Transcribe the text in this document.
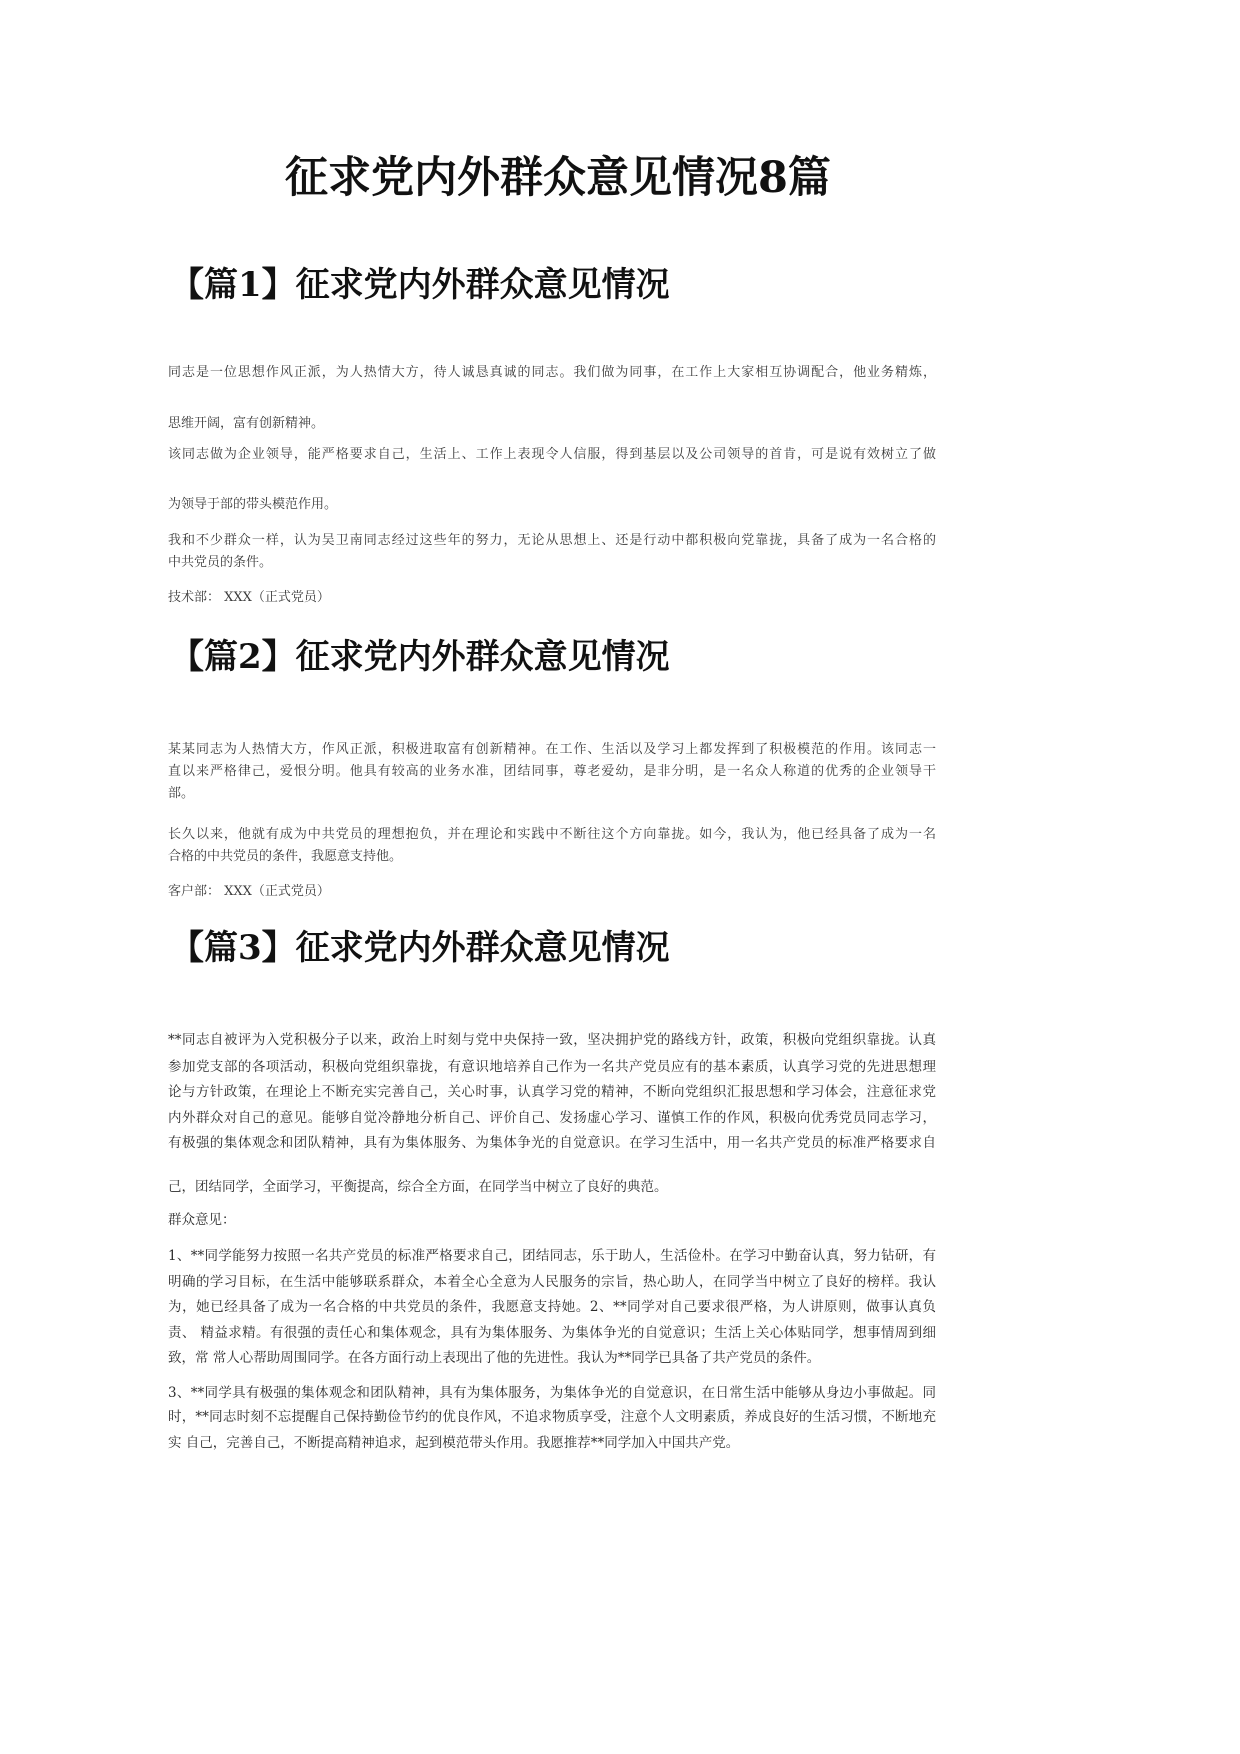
征求党内外群众意见情况8篇
【篇1】征求党内外群众意见情况
同志是一位思想作风正派，为人热情大方，待人诚恳真诚的同志。我们做为同事，在工作上大家相互协调配合，他业务精炼，
思维开阔，富有创新精神。
该同志做为企业领导，能严格要求自己，生活上、工作上表现令人信服，得到基层以及公司领导的首肯，可是说有效树立了做
为领导于部的带头模范作用。
我和不少群众一样，认为吴卫南同志经过这些年的努力，无论从思想上、还是行动中都积极向党靠拢，具备了成为一名合格的
中共党员的条件。
技术部： XXX（正式党员）
【篇2】征求党内外群众意见情况
某某同志为人热情大方，作风正派，积极进取富有创新精神。在工作、生活以及学习上都发挥到了积极模范的作用。该同志一
直以来严格律己，爱恨分明。他具有较高的业务水准，团结同事，尊老爱幼，是非分明，是一名众人称道的优秀的企业领导干
部。
长久以来，他就有成为中共党员的理想抱负，并在理论和实践中不断往这个方向靠拢。如今，我认为，他已经具备了成为一名
合格的中共党员的条件，我愿意支持他。
客户部： XXX（正式党员）
【篇3】征求党内外群众意见情况
**同志自被评为入党积极分子以来，政治上时刻与党中央保持一致，坚决拥护党的路线方针，政策，积极向党组织靠拢。认真
参加党支部的各项活动，积极向党组织靠拢，有意识地培养自己作为一名共产党员应有的基本素质，认真学习党的先进思想理
论与方针政策，在理论上不断充实完善自己，关心时事，认真学习党的精神，不断向党组织汇报思想和学习体会，注意征求党
内外群众对自己的意见。能够自觉冷静地分析自己、评价自己、发扬虚心学习、谨慎工作的作风，积极向优秀党员同志学习，
有极强的集体观念和团队精神，具有为集体服务、为集体争光的自觉意识。在学习生活中，用一名共产党员的标准严格要求自
己，团结同学，全面学习，平衡提高，综合全方面，在同学当中树立了良好的典范。
群众意见：
1、**同学能努力按照一名共产党员的标准严格要求自己，团结同志，乐于助人，生活俭朴。在学习中勤奋认真，努力钻研，有
明确的学习目标，在生活中能够联系群众，本着全心全意为人民服务的宗旨，热心助人，在同学当中树立了良好的榜样。我认
为，她已经具备了成为一名合格的中共党员的条件，我愿意支持她。2、**同学对自己要求很严格，为人讲原则，做事认真负
责、 精益求精。有很强的责任心和集体观念，具有为集体服务、为集体争光的自觉意识；生活上关心体贴同学，想事情周到细
致，常 常人心帮助周围同学。在各方面行动上表现出了他的先进性。我认为**同学已具备了共产党员的条件。
3、**同学具有极强的集体观念和团队精神，具有为集体服务，为集体争光的自觉意识，在日常生活中能够从身边小事做起。同
时，**同志时刻不忘提醒自己保持勤俭节约的优良作风，不追求物质享受，注意个人文明素质，养成良好的生活习惯，不断地充
实 自己，完善自己，不断提高精神追求，起到模范带头作用。我愿推荐**同学加入中国共产党。
